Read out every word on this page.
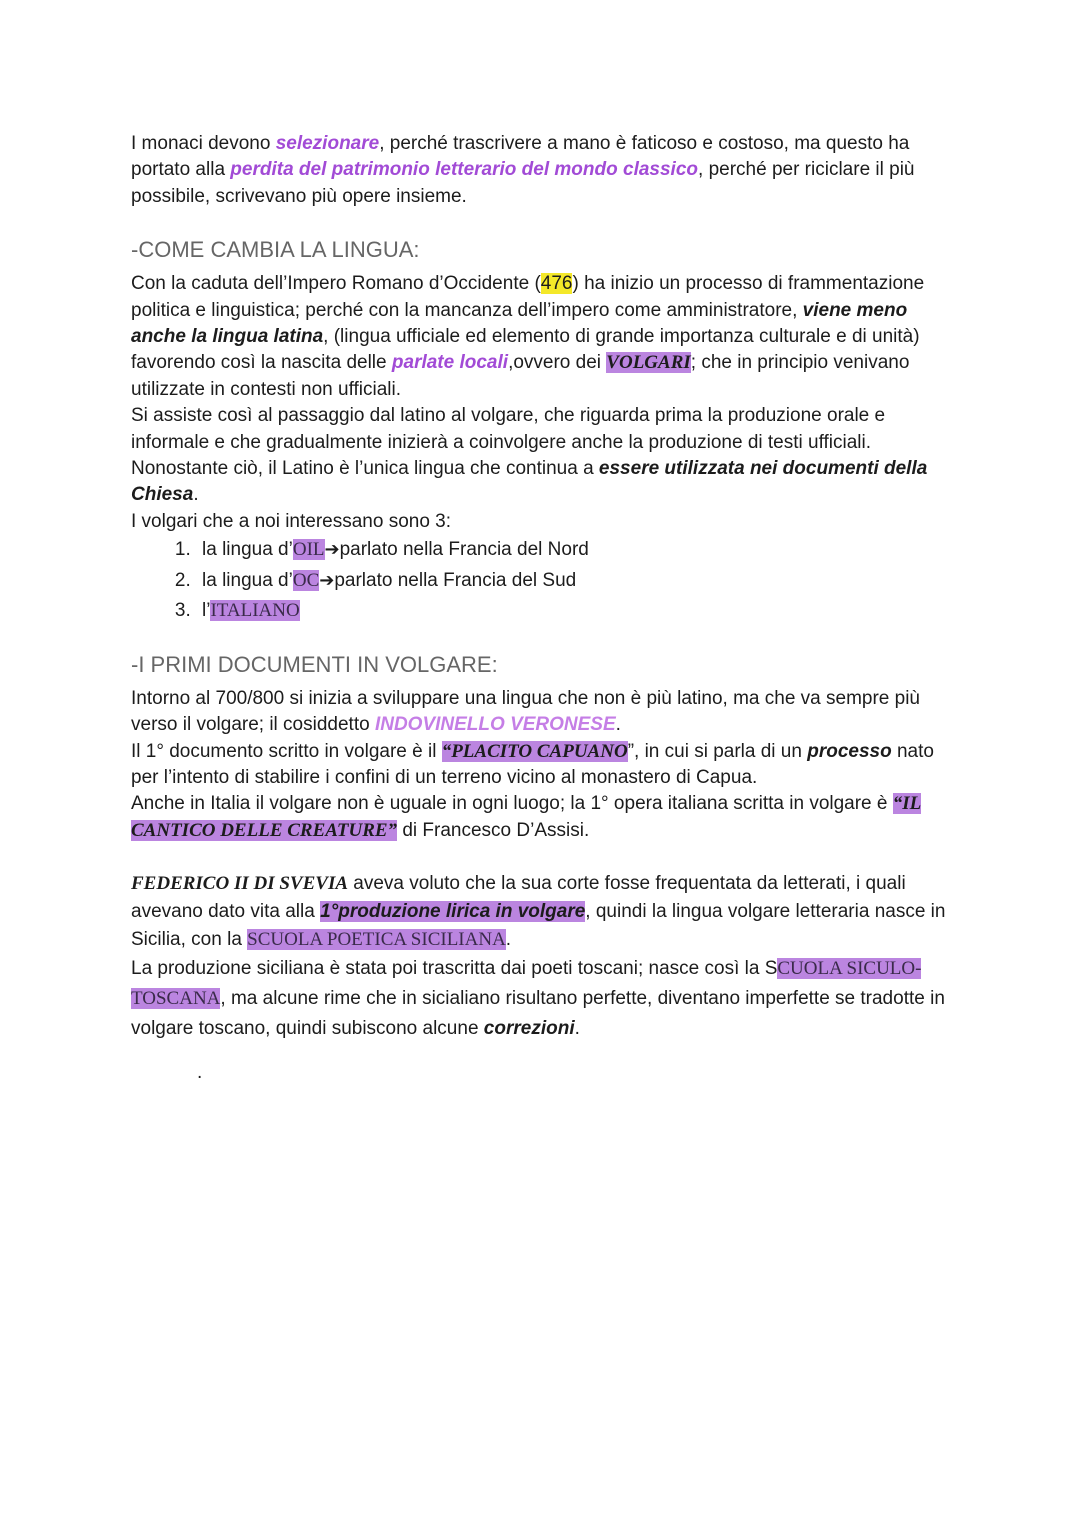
I monaci devono selezionare, perché trascrivere a mano è faticoso e costoso, ma questo ha portato alla perdita del patrimonio letterario del mondo classico, perché per riciclare il più possibile, scrivevano più opere insieme.

-COME CAMBIA LA LINGUA:

Con la caduta dell’Impero Romano d’Occidente (476) ha inizio un processo di frammentazione politica e linguistica; perché con la mancanza dell’impero come amministratore, viene meno anche la lingua latina, (lingua ufficiale ed elemento di grande importanza culturale e di unità) favorendo così la nascita delle parlate locali,ovvero dei VOLGARI; che in principio venivano utilizzate in contesti non ufficiali.

Si assiste così al passaggio dal latino al volgare, che riguarda prima la produzione orale e informale e che gradualmente inizierà a coinvolgere anche la produzione di testi ufficiali.

Nonostante ciò, il Latino è l’unica lingua che continua a essere utilizzata nei documenti della Chiesa.

I volgari che a noi interessano sono 3:

1. la lingua d’OIL➔parlato nella Francia del Nord
2. la lingua d’OC➔parlato nella Francia del Sud
3. l’ITALIANO
-I PRIMI DOCUMENTI IN VOLGARE:

Intorno al 700/800 si inizia a sviluppare una lingua che non è più latino, ma che va sempre più verso il volgare; il cosiddetto INDOVINELLO VERONESE.

Il 1° documento scritto in volgare è il “PLACITO CAPUANO”, in cui si parla di un processo nato per l’intento di stabilire i confini di un terreno vicino al monastero di Capua.

Anche in Italia il volgare non è uguale in ogni luogo; la 1° opera italiana scritta in volgare è “IL CANTICO DELLE CREATURE” di Francesco D’Assisi.

FEDERICO II DI SVEVIA aveva voluto che la sua corte fosse frequentata da letterati, i quali avevano dato vita alla 1°produzione lirica in volgare, quindi la lingua volgare letteraria nasce in Sicilia, con la SCUOLA POETICA SICILIANA.

La produzione siciliana è stata poi trascritta dai poeti toscani; nasce così la SCUOLA SICULO-TOSCANA, ma alcune rime che in sicialiano risultano perfette, diventano imperfette se tradotte in volgare toscano, quindi subiscono alcune correzioni.

.
